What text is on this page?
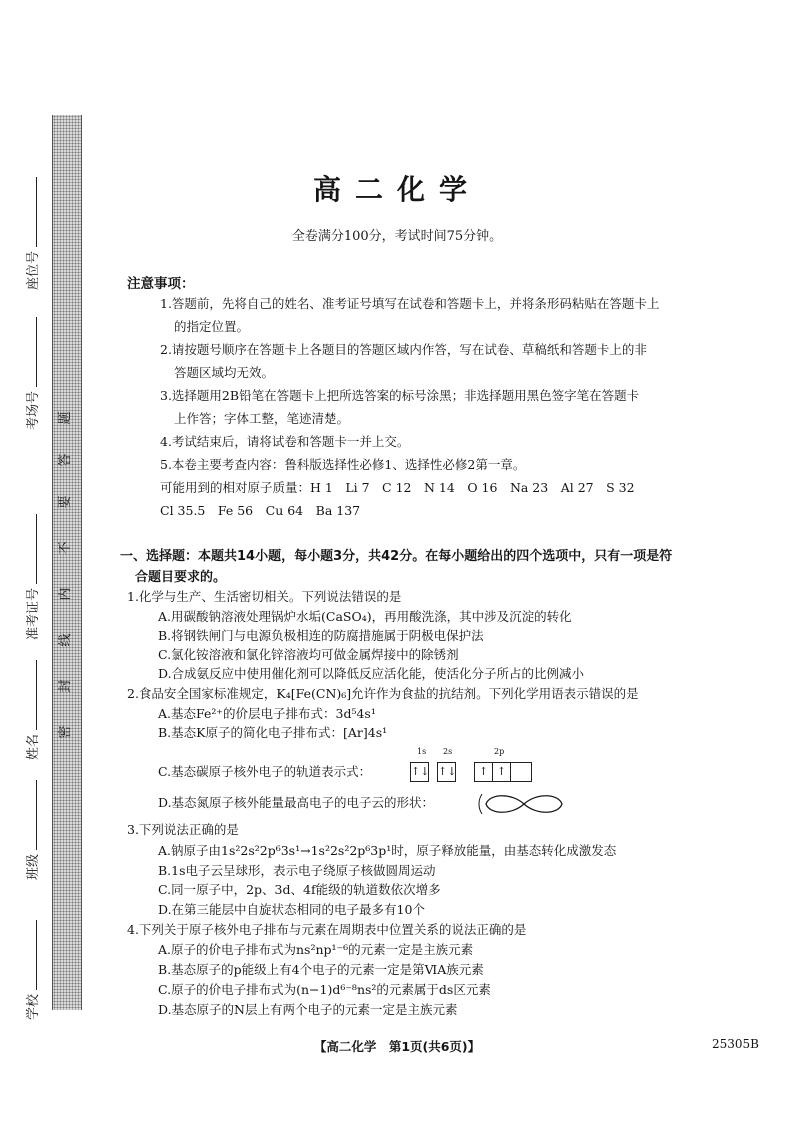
题
答
要
不
内
线
封
密
座位号
考场号
准考证号
姓名
班级
学校
高二化学
全卷满分100分，考试时间75分钟。
注意事项：
1.答题前，先将自己的姓名、准考证号填写在试卷和答题卡上，并将条形码粘贴在答题卡上
的指定位置。
2.请按题号顺序在答题卡上各题目的答题区域内作答，写在试卷、草稿纸和答题卡上的非
答题区域均无效。
3.选择题用2B铅笔在答题卡上把所选答案的标号涂黑；非选择题用黑色签字笔在答题卡
上作答；字体工整，笔迹清楚。
4.考试结束后，请将试卷和答题卡一并上交。
5.本卷主要考查内容：鲁科版选择性必修1、选择性必修2第一章。
可能用到的相对原子质量：H 1　Li 7　C 12　N 14　O 16　Na 23　Al 27　S 32
Cl 35.5　Fe 56　Cu 64　Ba 137
一、选择题：本题共14小题，每小题3分，共42分。在每小题给出的四个选项中，只有一项是符
合题目要求的。
1.化学与生产、生活密切相关。下列说法错误的是
A.用碳酸钠溶液处理锅炉水垢(CaSO₄)，再用酸洗涤，其中涉及沉淀的转化
B.将钢铁闸门与电源负极相连的防腐措施属于阴极电保护法
C.氯化铵溶液和氯化锌溶液均可做金属焊接中的除锈剂
D.合成氨反应中使用催化剂可以降低反应活化能，使活化分子所占的比例减小
2.食品安全国家标准规定，K₄[Fe(CN)₆]允许作为食盐的抗结剂。下列化学用语表示错误的是
A.基态Fe²⁺的价层电子排布式：3d⁵4s¹
B.基态K原子的简化电子排布式：[Ar]4s¹
C.基态碳原子核外电子的轨道表示式：
1s 2s	2p
↑↓ ↑↓	↑ ↑
D.基态氮原子核外能量最高电子的电子云的形状：
3.下列说法正确的是
A.钠原子由1s²2s²2p⁶3s¹→1s²2s²2p⁶3p¹时，原子释放能量，由基态转化成激发态
B.1s电子云呈球形，表示电子绕原子核做圆周运动
C.同一原子中，2p、3d、4f能级的轨道数依次增多
D.在第三能层中自旋状态相同的电子最多有10个
4.下列关于原子核外电子排布与元素在周期表中位置关系的说法正确的是
A.原子的价电子排布式为ns²np¹⁻⁶的元素一定是主族元素
B.基态原子的p能级上有4个电子的元素一定是第ⅥA族元素
C.原子的价电子排布式为(n−1)d⁶⁻⁸ns²的元素属于ds区元素
D.基态原子的N层上有两个电子的元素一定是主族元素
【高二化学　第1页(共6页)】	25305B
